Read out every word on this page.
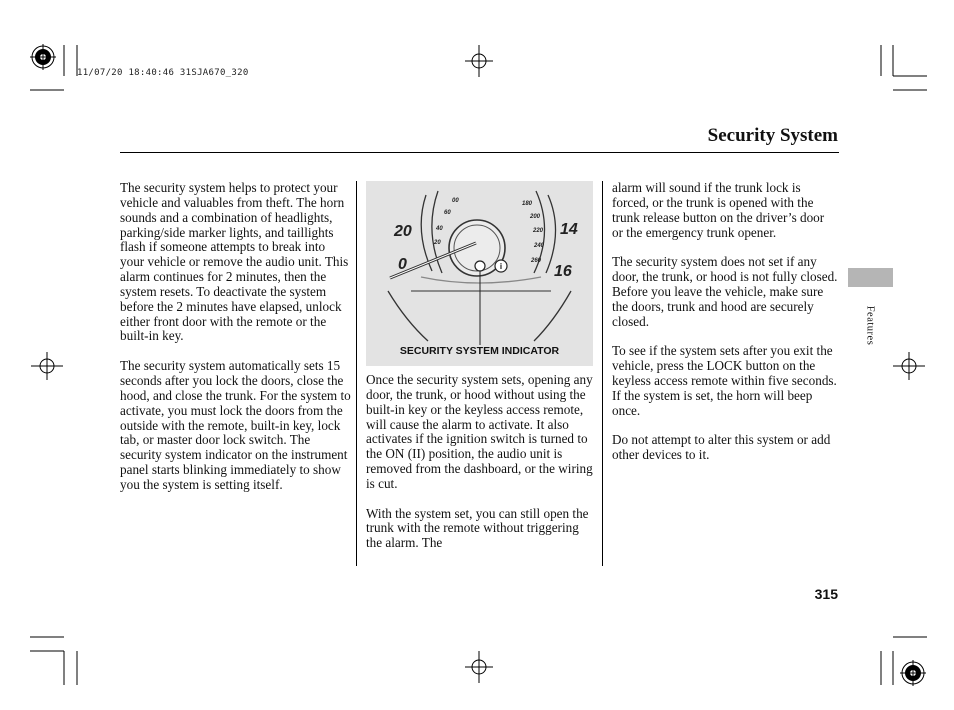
11/07/20 18:40:46 31SJA670_320
Security System

The security system helps to protect your vehicle and valuables from theft. The horn sounds and a combination of headlights, parking/side marker lights, and taillights flash if someone attempts to break into your vehicle or remove the audio unit. This alarm continues for 2 minutes, then the system resets. To deactivate the system before the 2 minutes have elapsed, unlock either front door with the remote or the built-in key.

The security system automatically sets 15 seconds after you lock the doors, close the hood, and close the trunk. For the system to activate, you must lock the doors from the outside with the remote, built-in key, lock tab, or master door lock switch. The security system indicator on the instrument panel starts blinking immediately to show you the system is setting itself.

i
20
0
14
16
60
40
20
00	180
200
220
240
260
SECURITY SYSTEM INDICATOR

Once the security system sets, opening any door, the trunk, or hood without using the built-in key or the keyless access remote, will cause the alarm to activate. It also activates if the ignition switch is turned to the ON (II) position, the audio unit is removed from the dashboard, or the wiring is cut.

With the system set, you can still open the trunk with the remote without triggering the alarm. The

alarm will sound if the trunk lock is forced, or the trunk is opened with the trunk release button on the driver’s door or the emergency trunk opener.

The security system does not set if any door, the trunk, or hood is not fully closed. Before you leave the vehicle, make sure the doors, trunk and hood are securely closed.

To see if the system sets after you exit the vehicle, press the LOCK button on the keyless access remote within five seconds. If the system is set, the horn will beep once.

Do not attempt to alter this system or add other devices to it.

Features
315
